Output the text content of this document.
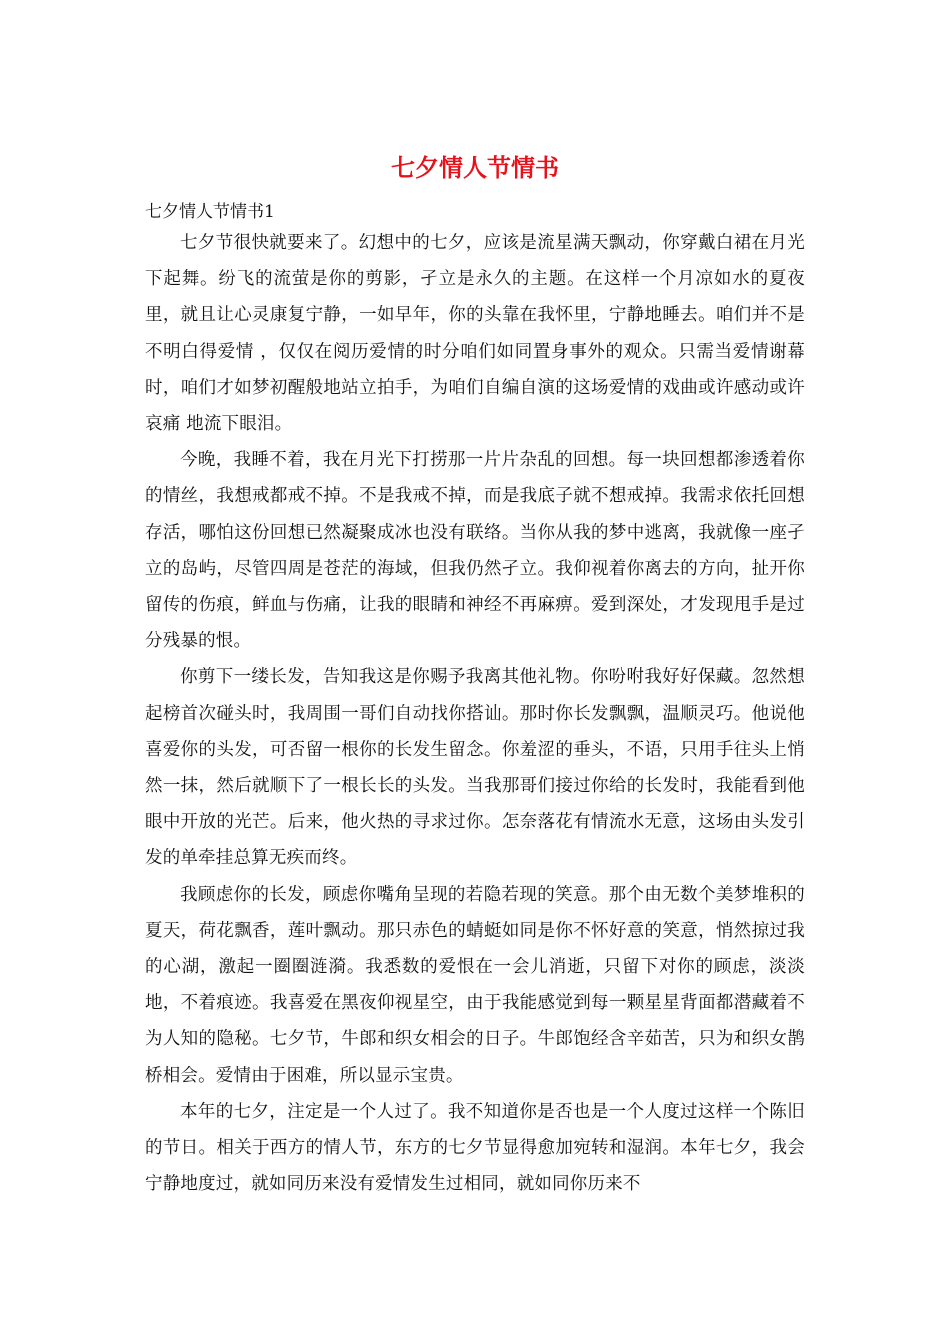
七夕情人节情书

七夕情人节情书1

七夕节很快就要来了。幻想中的七夕，应该是流星满天飘动，你穿戴白裙在月光下起舞。纷飞的流萤是你的剪影，孑立是永久的主题。在这样一个月凉如水的夏夜里，就且让心灵康复宁静，一如早年，你的头靠在我怀里，宁静地睡去。咱们并不是不明白得爱情 ，仅仅在阅历爱情的时分咱们如同置身事外的观众。只需当爱情谢幕时，咱们才如梦初醒般地站立拍手，为咱们自编自演的这场爱情的戏曲或许感动或许哀痛 地流下眼泪。

今晚，我睡不着，我在月光下打捞那一片片杂乱的回想。每一块回想都渗透着你的情丝，我想戒都戒不掉。不是我戒不掉，而是我底子就不想戒掉。我需求依托回想存活，哪怕这份回想已然凝聚成冰也没有联络。当你从我的梦中逃离，我就像一座孑立的岛屿，尽管四周是苍茫的海域，但我仍然孑立。我仰视着你离去的方向，扯开你留传的伤痕，鲜血与伤痛，让我的眼睛和神经不再麻痹。爱到深处，才发现甩手是过分残暴的恨。

你剪下一缕长发，告知我这是你赐予我离其他礼物。你吩咐我好好保藏。忽然想起榜首次碰头时，我周围一哥们自动找你搭讪。那时你长发飘飘，温顺灵巧。他说他喜爱你的头发，可否留一根你的长发生留念。你羞涩的垂头，不语，只用手往头上悄然一抹，然后就顺下了一根长长的头发。当我那哥们接过你给的长发时，我能看到他眼中开放的光芒。后来，他火热的寻求过你。怎奈落花有情流水无意，这场由头发引发的单牵挂总算无疾而终。

我顾虑你的长发，顾虑你嘴角呈现的若隐若现的笑意。那个由无数个美梦堆积的夏天，荷花飘香，莲叶飘动。那只赤色的蜻蜓如同是你不怀好意的笑意，悄然掠过我的心湖，激起一圈圈涟漪。我悉数的爱恨在一会儿消逝，只留下对你的顾虑，淡淡地，不着痕迹。我喜爱在黑夜仰视星空，由于我能感觉到每一颗星星背面都潜藏着不为人知的隐秘。七夕节，牛郎和织女相会的日子。牛郎饱经含辛茹苦，只为和织女鹊桥相会。爱情由于困难，所以显示宝贵。

本年的七夕，注定是一个人过了。我不知道你是否也是一个人度过这样一个陈旧的节日。相关于西方的情人节，东方的七夕节显得愈加宛转和湿润。本年七夕，我会宁静地度过，就如同历来没有爱情发生过相同，就如同你历来不
